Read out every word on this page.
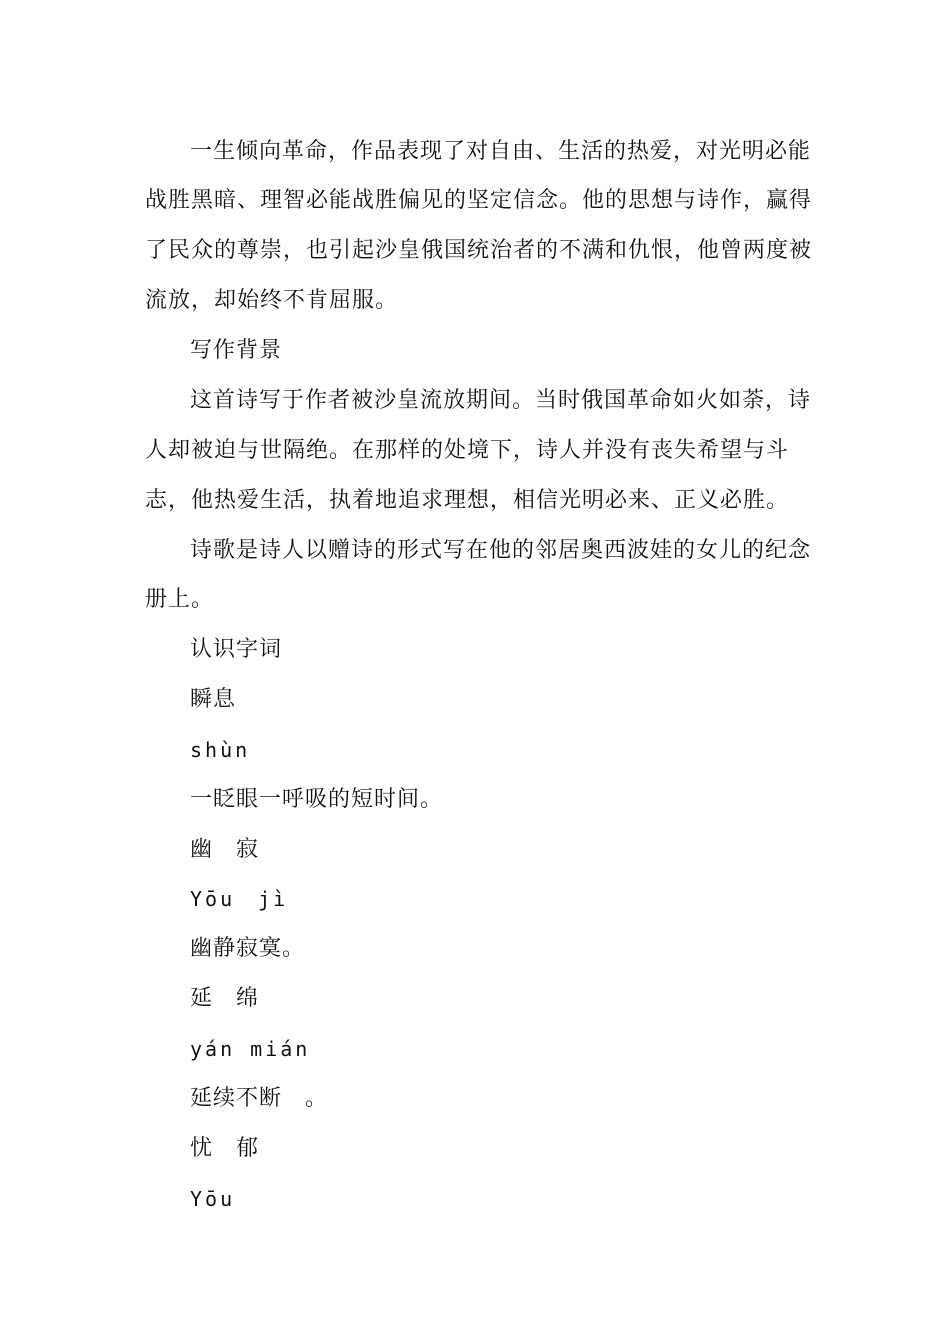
一生倾向革命，作品表现了对自由、生活的热爱，对光明必能
战胜黑暗、理智必能战胜偏见的坚定信念。他的思想与诗作，赢得
了民众的尊崇，也引起沙皇俄国统治者的不满和仇恨，他曾两度被
流放，却始终不肯屈服。
写作背景
这首诗写于作者被沙皇流放期间。当时俄国革命如火如荼，诗
人却被迫与世隔绝。在那样的处境下，诗人并没有丧失希望与斗
志，他热爱生活，执着地追求理想，相信光明必来、正义必胜。
诗歌是诗人以赠诗的形式写在他的邻居奥西波娃的女儿的纪念
册上。
认识字词
瞬息
shùn
一眨眼一呼吸的短时间。
幽　寂
Yōu　jì
幽静寂寞。
延　绵
yán mián
延续不断　。
忧　郁
Yōu
